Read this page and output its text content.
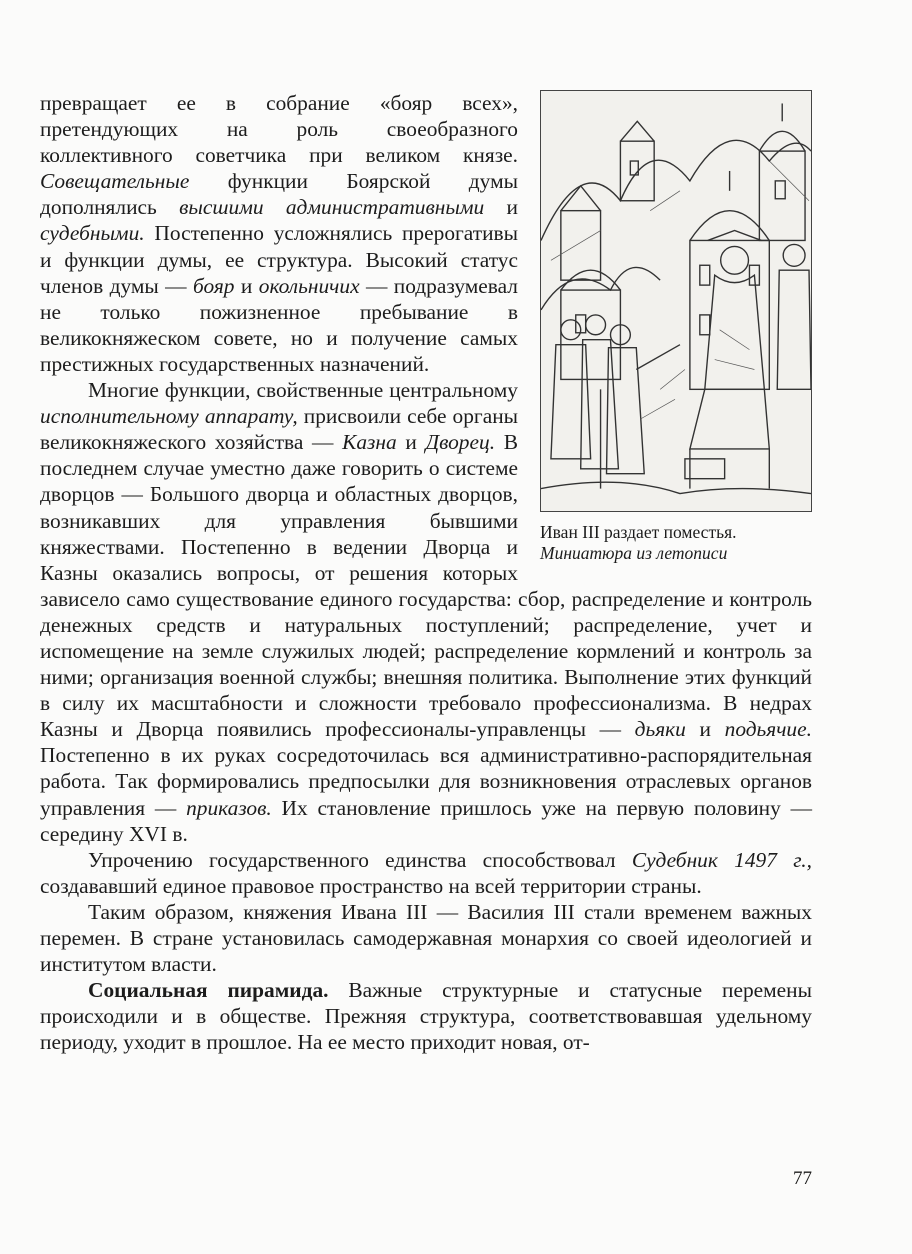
Иван III раздает поместья.
Миниатюра из летописи

превращает ее в собрание «бояр всех», претендующих на роль своеобразного коллективного советчика при великом князе. Совещательные функции Боярской думы дополнялись высшими административными и судебными. Постепенно усложнялись прерогативы и функции думы, ее структура. Высокий статус членов думы — бояр и окольничих — подразумевал не только пожизненное пребывание в великокняжеском совете, но и получение самых престижных государственных назначений.

Многие функции, свойственные центральному исполнительному аппарату, присвоили себе органы великокняжеского хозяйства — Казна и Дворец. В последнем случае уместно даже говорить о системе дворцов — Большого дворца и областных дворцов, возникавших для управления бывшими княжествами. Постепенно в ведении Дворца и Казны оказались вопросы, от решения которых зависело само существование единого государства: сбор, распределение и контроль денежных средств и натуральных поступлений; распределение, учет и испомещение на земле служилых людей; распределение кормлений и контроль за ними; организация военной службы; внешняя политика. Выполнение этих функций в силу их масштабности и сложности требовало профессионализма. В недрах Казны и Дворца появились профессионалы-управленцы — дьяки и подьячие. Постепенно в их руках сосредоточилась вся административно-распорядительная работа. Так формировались предпосылки для возникновения отраслевых органов управления — приказов. Их становление пришлось уже на первую половину — середину XVI в.

Упрочению государственного единства способствовал Судебник 1497 г., создававший единое правовое пространство на всей территории страны.

Таким образом, княжения Ивана III — Василия III стали временем важных перемен. В стране установилась самодержавная монархия со своей идеологией и институтом власти.

Социальная пирамида. Важные структурные и статусные перемены происходили и в обществе. Прежняя структура, соответствовавшая удельному периоду, уходит в прошлое. На ее место приходит новая, от-

77
